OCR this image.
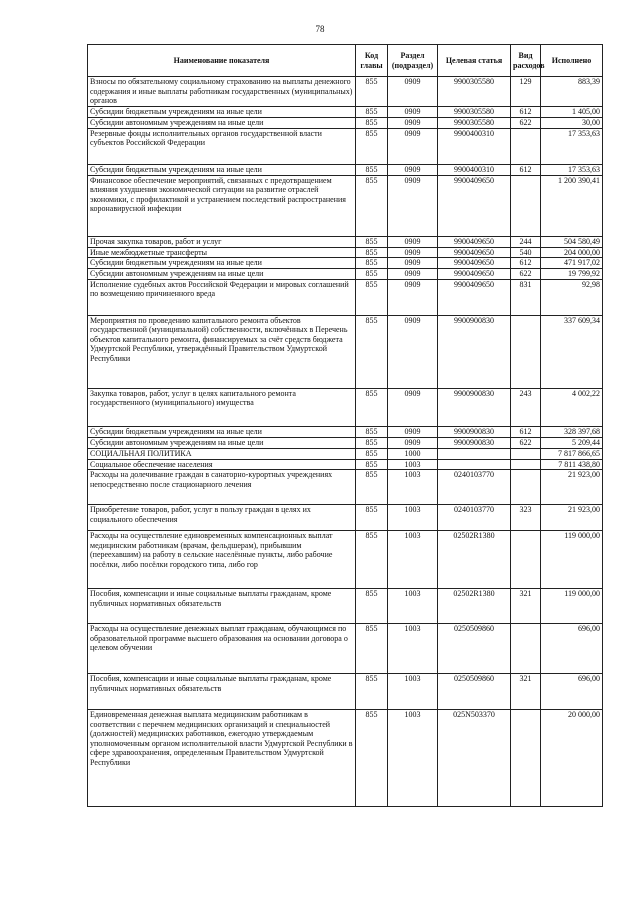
78
Наименование показателя	Код главы	Раздел (подраздел)	Целевая статья	Вид расходов	Исполнено
Взносы по обязательному социальному страхованию на выплаты денежного содержания и иные выплаты работникам государственных (муниципальных) органов	855	0909	9900305580	129	883,39
Субсидии бюджетным учреждениям на иные цели	855	0909	9900305580	612	1 405,00
Субсидии автономным учреждениям на иные цели	855	0909	9900305580	622	30,00
Резервные фонды исполнительных органов государственной власти субъектов Российской Федерации	855	0909	9900400310		17 353,63
Субсидии бюджетным учреждениям на иные цели	855	0909	9900400310	612	17 353,63
Финансовое обеспечение мероприятий, связанных с предотвращением влияния ухудшения экономической ситуации на развитие отраслей экономики, с профилактикой и устранением последствий распространения коронавирусной инфекции	855	0909	9900409650		1 200 390,41
Прочая закупка товаров, работ и услуг	855	0909	9900409650	244	504 580,49
Иные межбюджетные трансферты	855	0909	9900409650	540	204 000,00
Субсидии бюджетным учреждениям на иные цели	855	0909	9900409650	612	471 917,02
Субсидии автономным учреждениям на иные цели	855	0909	9900409650	622	19 799,92
Исполнение судебных актов Российской Федерации и мировых соглашений по возмещению причиненного вреда	855	0909	9900409650	831	92,98
Мероприятия по проведению капитального ремонта объектов государственной (муниципальной) собственности, включённых в Перечень объектов капитального ремонта, финансируемых за счёт средств бюджета Удмуртской Республики, утверждённый Правительством Удмуртской Республики	855	0909	9900900830		337 609,34
Закупка товаров, работ, услуг в целях капитального ремонта государственного (муниципального) имущества	855	0909	9900900830	243	4 002,22
Субсидии бюджетным учреждениям на иные цели	855	0909	9900900830	612	328 397,68
Субсидии автономным учреждениям на иные цели	855	0909	9900900830	622	5 209,44
СОЦИАЛЬНАЯ ПОЛИТИКА	855	1000			7 817 866,65
Социальное обеспечение населения	855	1003			7 811 438,80
Расходы на долечивание граждан в санаторно-курортных учреждениях непосредственно после стационарного лечения	855	1003	0240103770		21 923,00
Приобретение товаров, работ, услуг в пользу граждан в целях их социального обеспечения	855	1003	0240103770	323	21 923,00
Расходы на осуществление единовременных компенсационных выплат медицинским работникам (врачам, фельдшерам), прибывшим (переехавшим) на работу в сельские населённые пункты, либо рабочие посёлки, либо посёлки городского типа, либо гор	855	1003	02502R1380		119 000,00
Пособия, компенсации и иные социальные выплаты гражданам, кроме публичных нормативных обязательств	855	1003	02502R1380	321	119 000,00
Расходы на осуществление денежных выплат гражданам, обучающимся по образовательной программе высшего образования на основании договора о целевом обучении	855	1003	0250509860		696,00
Пособия, компенсации и иные социальные выплаты гражданам, кроме публичных нормативных обязательств	855	1003	0250509860	321	696,00
Единовременная денежная выплата медицинским работникам в соответствии с перечнем медицинских организаций и специальностей (должностей) медицинских работников, ежегодно утверждаемым уполномоченным органом исполнительной власти Удмуртской Республики в сфере здравоохранения, определенным Правительством Удмуртской Республики	855	1003	025N503370		20 000,00
